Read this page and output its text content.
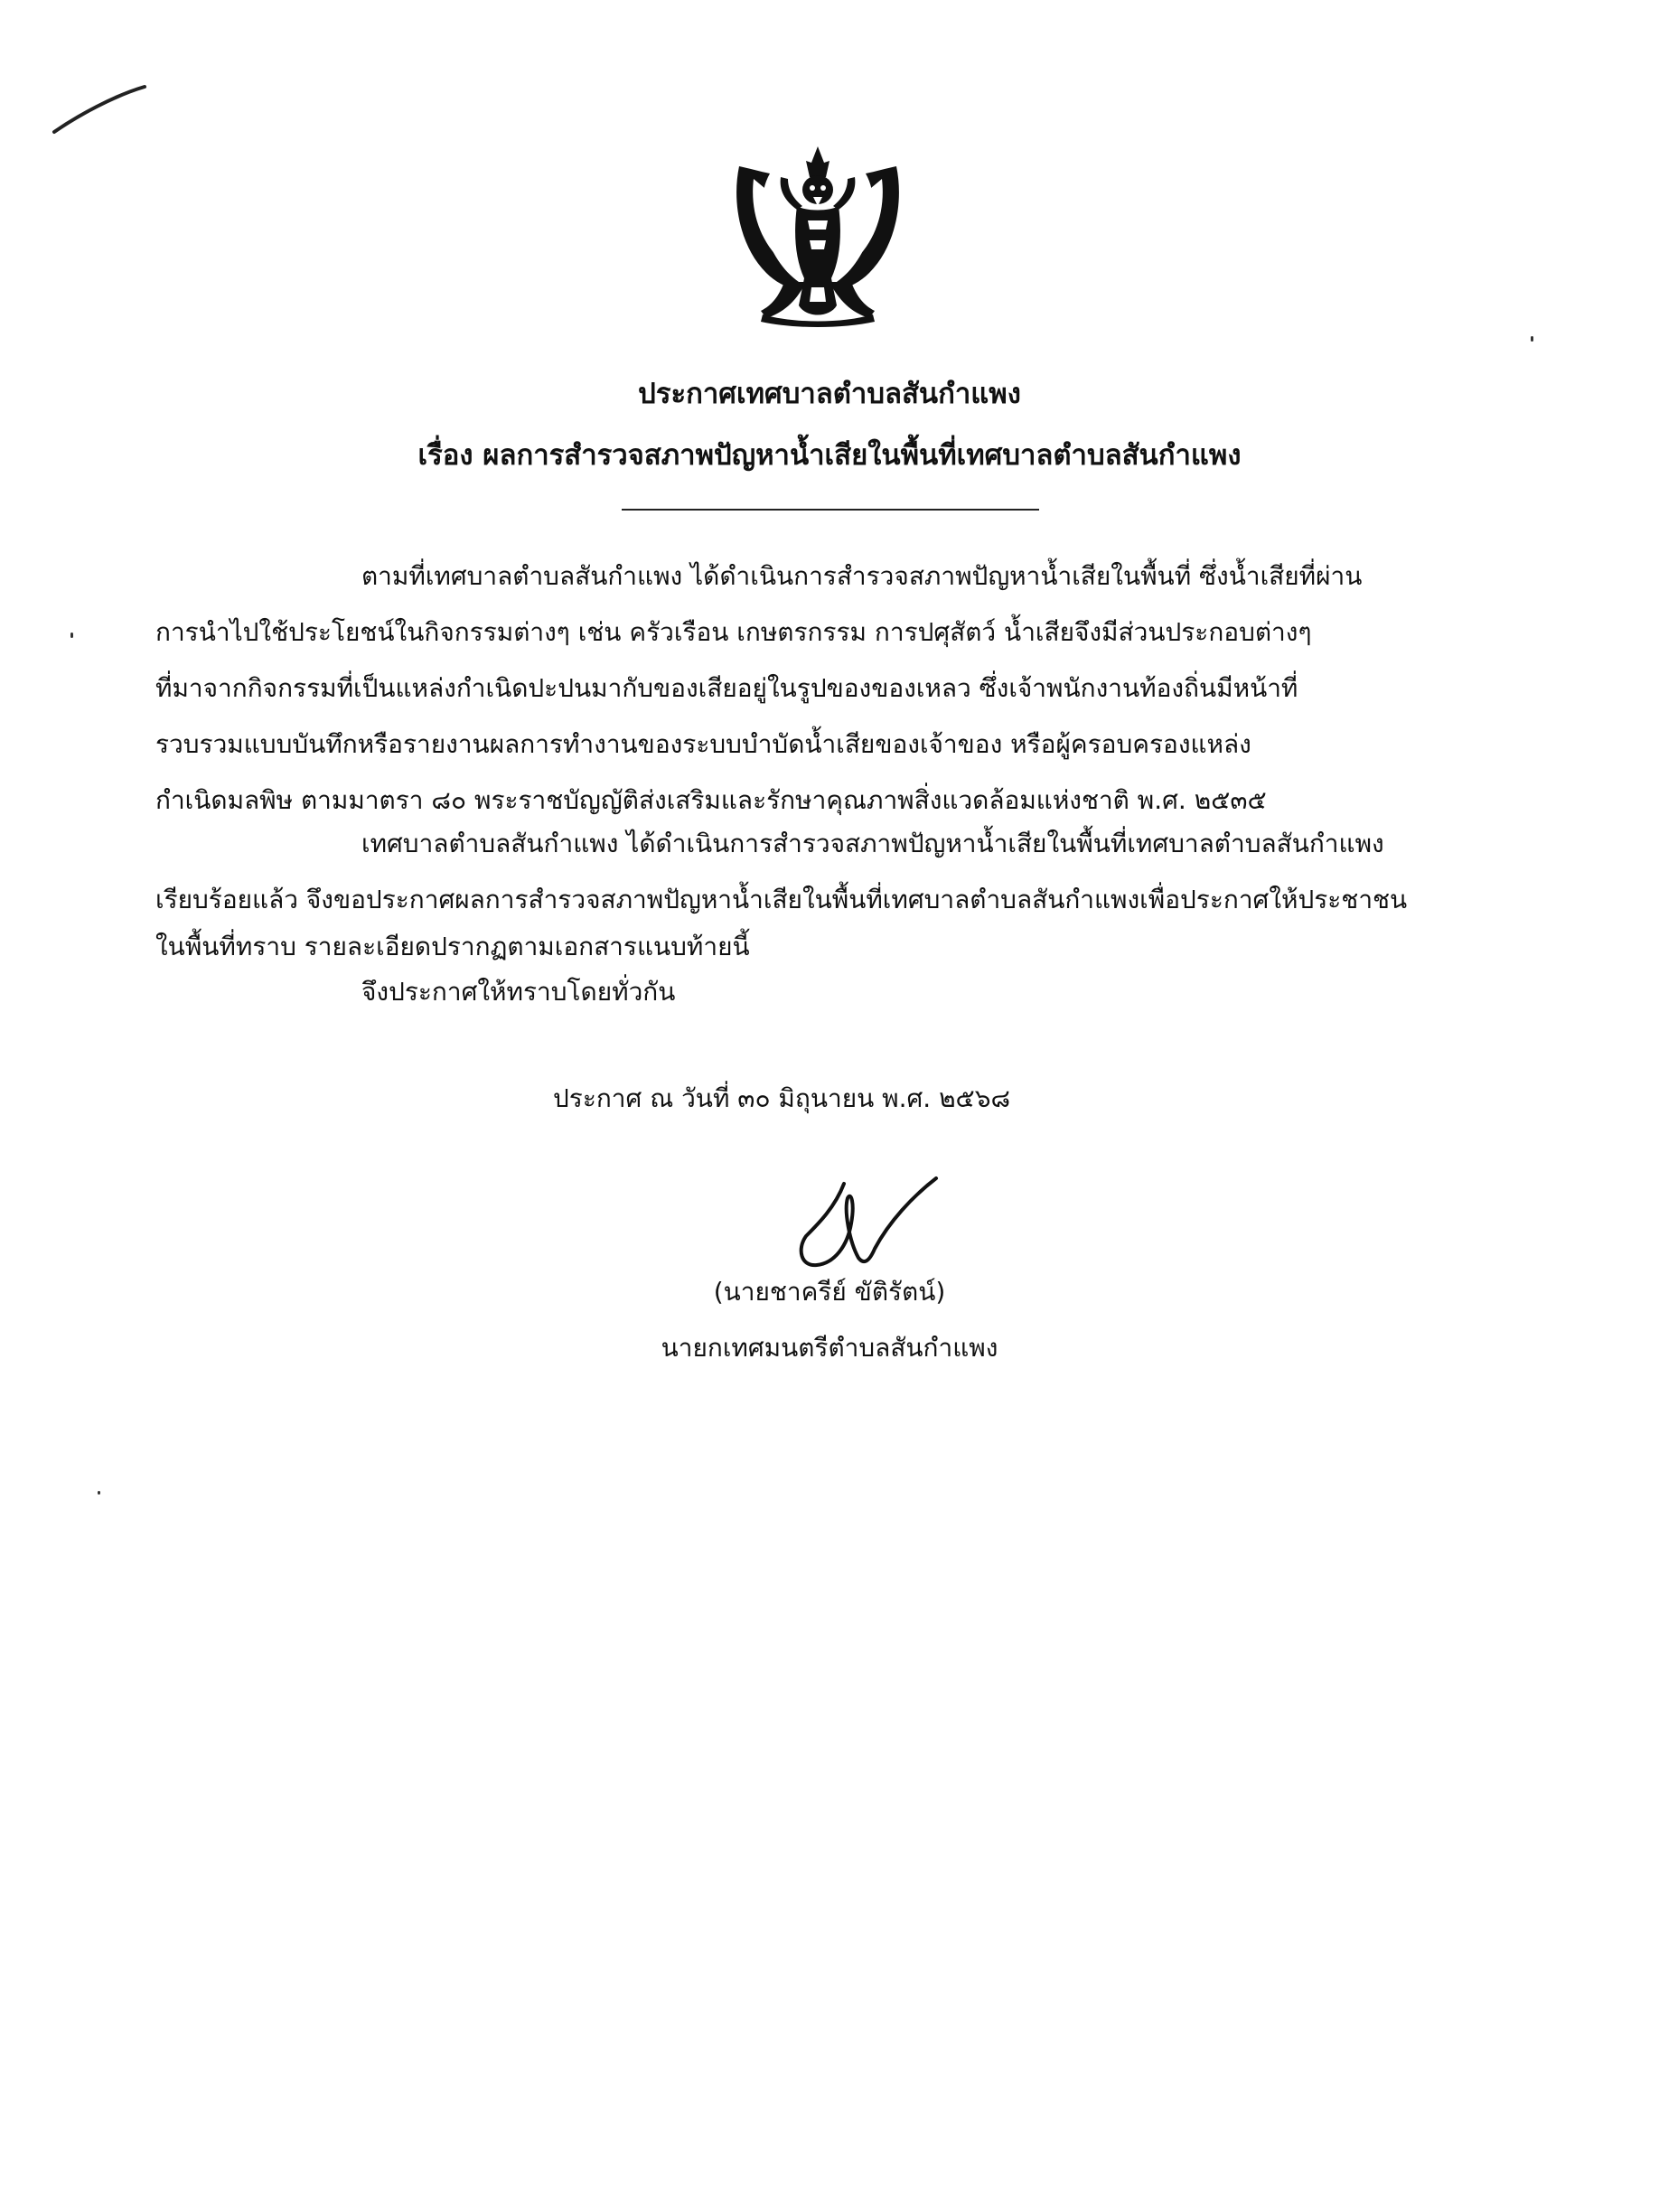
ประกาศเทศบาลตำบลสันกำแพง
เรื่อง ผลการสำรวจสภาพปัญหาน้ำเสียในพื้นที่เทศบาลตำบลสันกำแพง
ตามที่เทศบาลตำบลสันกำแพง ได้ดำเนินการสำรวจสภาพปัญหาน้ำเสียในพื้นที่ ซึ่งน้ำเสียที่ผ่าน
การนำไปใช้ประโยชน์ในกิจกรรมต่างๆ เช่น ครัวเรือน เกษตรกรรม การปศุสัตว์ น้ำเสียจึงมีส่วนประกอบต่างๆ
ที่มาจากกิจกรรมที่เป็นแหล่งกำเนิดปะปนมากับของเสียอยู่ในรูปของของเหลว ซึ่งเจ้าพนักงานท้องถิ่นมีหน้าที่
รวบรวมแบบบันทึกหรือรายงานผลการทำงานของระบบบำบัดน้ำเสียของเจ้าของ หรือผู้ครอบครองแหล่ง
กำเนิดมลพิษ ตามมาตรา ๘๐ พระราชบัญญัติส่งเสริมและรักษาคุณภาพสิ่งแวดล้อมแห่งชาติ พ.ศ. ๒๕๓๕
เทศบาลตำบลสันกำแพง ได้ดำเนินการสำรวจสภาพปัญหาน้ำเสียในพื้นที่เทศบาลตำบลสันกำแพง
เรียบร้อยแล้ว จึงขอประกาศผลการสำรวจสภาพปัญหาน้ำเสียในพื้นที่เทศบาลตำบลสันกำแพงเพื่อประกาศให้ประชาชน
ในพื้นที่ทราบ รายละเอียดปรากฏตามเอกสารแนบท้ายนี้
จึงประกาศให้ทราบโดยทั่วกัน
ประกาศ ณ วันที่ ๓๐ มิถุนายน พ.ศ. ๒๕๖๘
(นายชาครีย์ ขัติรัตน์)
นายกเทศมนตรีตำบลสันกำแพง
